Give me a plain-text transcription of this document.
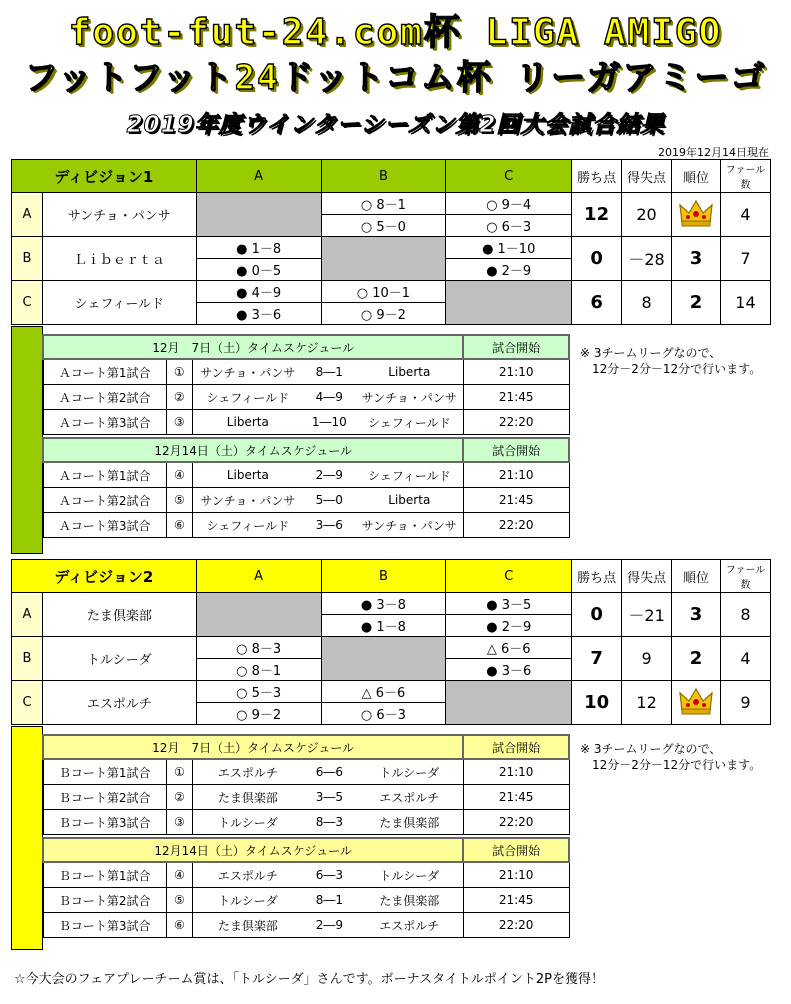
foot-fut-24.com杯 LIGA AMIGO
フットフット24ドットコム杯 リーガアミーゴ
2019年度ウインターシーズン第2回大会試合結果
2019年12月14日現在
ディビジョン1		A	B	C	勝ち点	得失点	順位	ファール数
A	サンチョ・パンサ		○ 8－1	○ 9－4	12	20		4
			○ 5－0	○ 6－3				
B	Ｌｉｂｅｒｔａ	● 1－8		● 1－10	0	－28	3	7
		● 0－5		● 2－9				
C	シェフィールド	● 4－9	○ 10－1		6	8	2	14
		● 3－6	○ 9－2					
12月　7日（土）タイムスケジュール					試合開始
Ａコート第1試合	①	サンチョ・パンサ	8―1	Liberta	21:10
Ａコート第2試合	②	シェフィールド	4―9	サンチョ・パンサ	21:45
Ａコート第3試合	③	Liberta	1―10	シェフィールド	22:20
12月14日（土）タイムスケジュール					試合開始
Ａコート第1試合	④	Liberta	2―9	シェフィールド	21:10
Ａコート第2試合	⑤	サンチョ・パンサ	5―0	Liberta	21:45
Ａコート第3試合	⑥	シェフィールド	3―6	サンチョ・パンサ	22:20
※ 3チームリーグなので、
12分－2分－12分で行います。
ディビジョン2		A	B	C	勝ち点	得失点	順位	ファール数
A	たま倶楽部		● 3－8	● 3－5	0	－21	3	8
			● 1－8	● 2－9				
B	トルシーダ	○ 8－3		△ 6－6	7	9	2	4
		○ 8－1		● 3－6				
C	エスポルチ	○ 5－3	△ 6－6		10	12		9
		○ 9－2	○ 6－3					
12月　7日（土）タイムスケジュール					試合開始
Ｂコート第1試合	①	エスポルチ	6―6	トルシーダ	21:10
Ｂコート第2試合	②	たま倶楽部	3―5	エスポルチ	21:45
Ｂコート第3試合	③	トルシーダ	8―3	たま倶楽部	22:20
12月14日（土）タイムスケジュール					試合開始
Ｂコート第1試合	④	エスポルチ	6―3	トルシーダ	21:10
Ｂコート第2試合	⑤	トルシーダ	8―1	たま倶楽部	21:45
Ｂコート第3試合	⑥	たま倶楽部	2―9	エスポルチ	22:20
※ 3チームリーグなので、
12分－2分－12分で行います。
☆今大会のフェアプレーチーム賞は、「トルシーダ」さんです。ボーナスタイトルポイント2Pを獲得！
